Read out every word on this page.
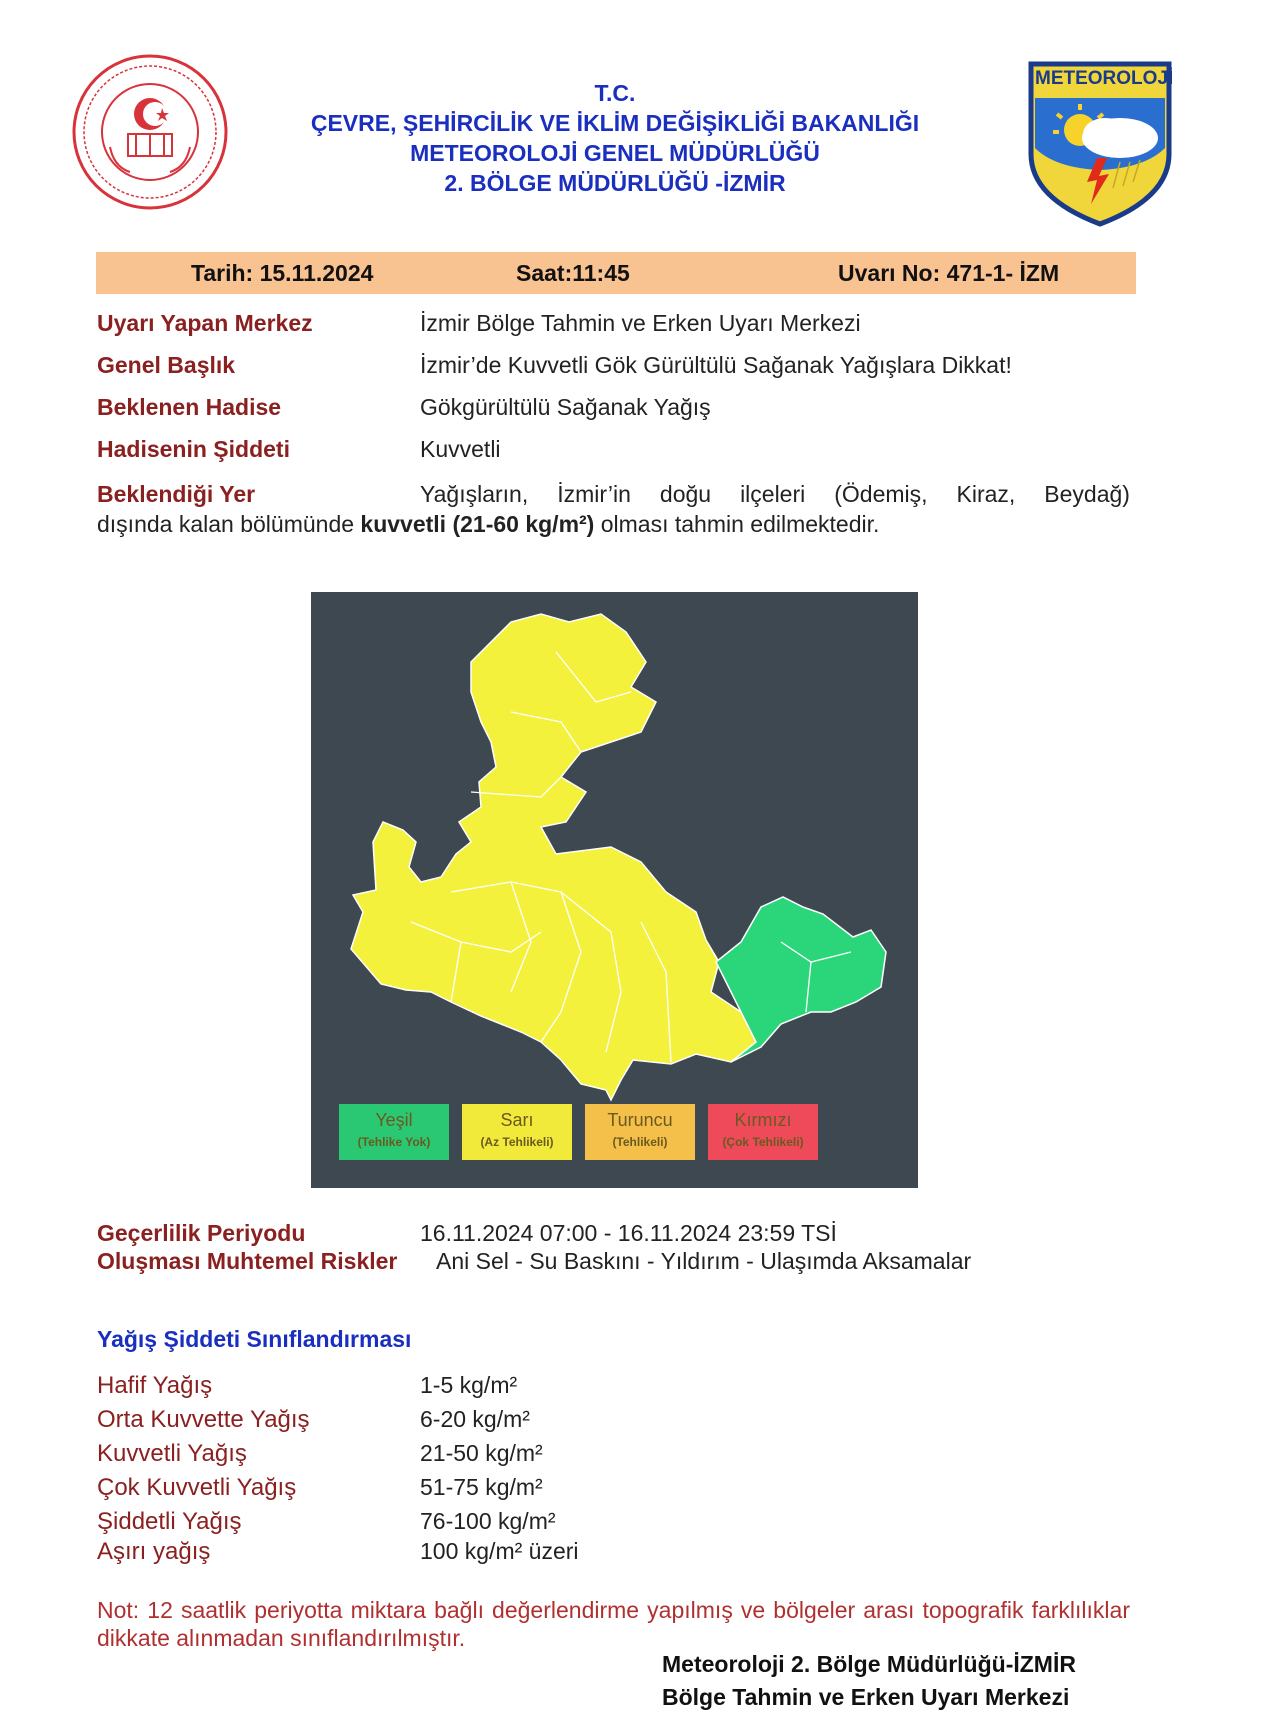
T.C.
ÇEVRE, ŞEHİRCİLİK VE İKLİM DEĞİŞİKLİĞİ BAKANLIĞI
METEOROLOJİ GENEL MÜDÜRLÜĞÜ
2. BÖLGE MÜDÜRLÜĞÜ -İZMİR
METEOROLOJİ
Tarih: 15.11.2024	Saat:11:45	Uvarı No: 471-1- İZM
Uyarı Yapan Merkez	İzmir Bölge Tahmin ve Erken Uyarı Merkezi
Genel Başlık	İzmir’de Kuvvetli Gök Gürültülü Sağanak Yağışlara Dikkat!
Beklenen Hadise	Gökgürültülü Sağanak Yağış
Hadisenin Şiddeti	Kuvvetli
Beklendiği Yer	Yağışların, İzmir’in doğu ilçeleri (Ödemiş, Kiraz, Beydağ)
dışında kalan bölümünde kuvvetli (21-60 kg/m²) olması tahmin edilmektedir.
Yeşil
(Tehlike Yok)
Sarı
(Az Tehlikeli)
Turuncu
(Tehlikeli)
Kırmızı
(Çok Tehlikeli)
Geçerlilik Periyodu	16.11.2024 07:00 - 16.11.2024 23:59 TSİ
Oluşması Muhtemel Riskler Ani Sel - Su Baskını - Yıldırım - Ulaşımda Aksamalar
Yağış Şiddeti Sınıflandırması
Hafif Yağış	1-5 kg/m²
Orta Kuvvette Yağış	6-20 kg/m²
Kuvvetli Yağış	21-50 kg/m²
Çok Kuvvetli Yağış	51-75 kg/m²
Şiddetli Yağış	76-100 kg/m²
Aşırı yağış	100 kg/m² üzeri
Not: 12 saatlik periyotta miktara bağlı değerlendirme yapılmış ve bölgeler arası topografik farklılıklar dikkate alınmadan sınıflandırılmıştır.
Meteoroloji 2. Bölge Müdürlüğü-İZMİR
Bölge Tahmin ve Erken Uyarı Merkezi
